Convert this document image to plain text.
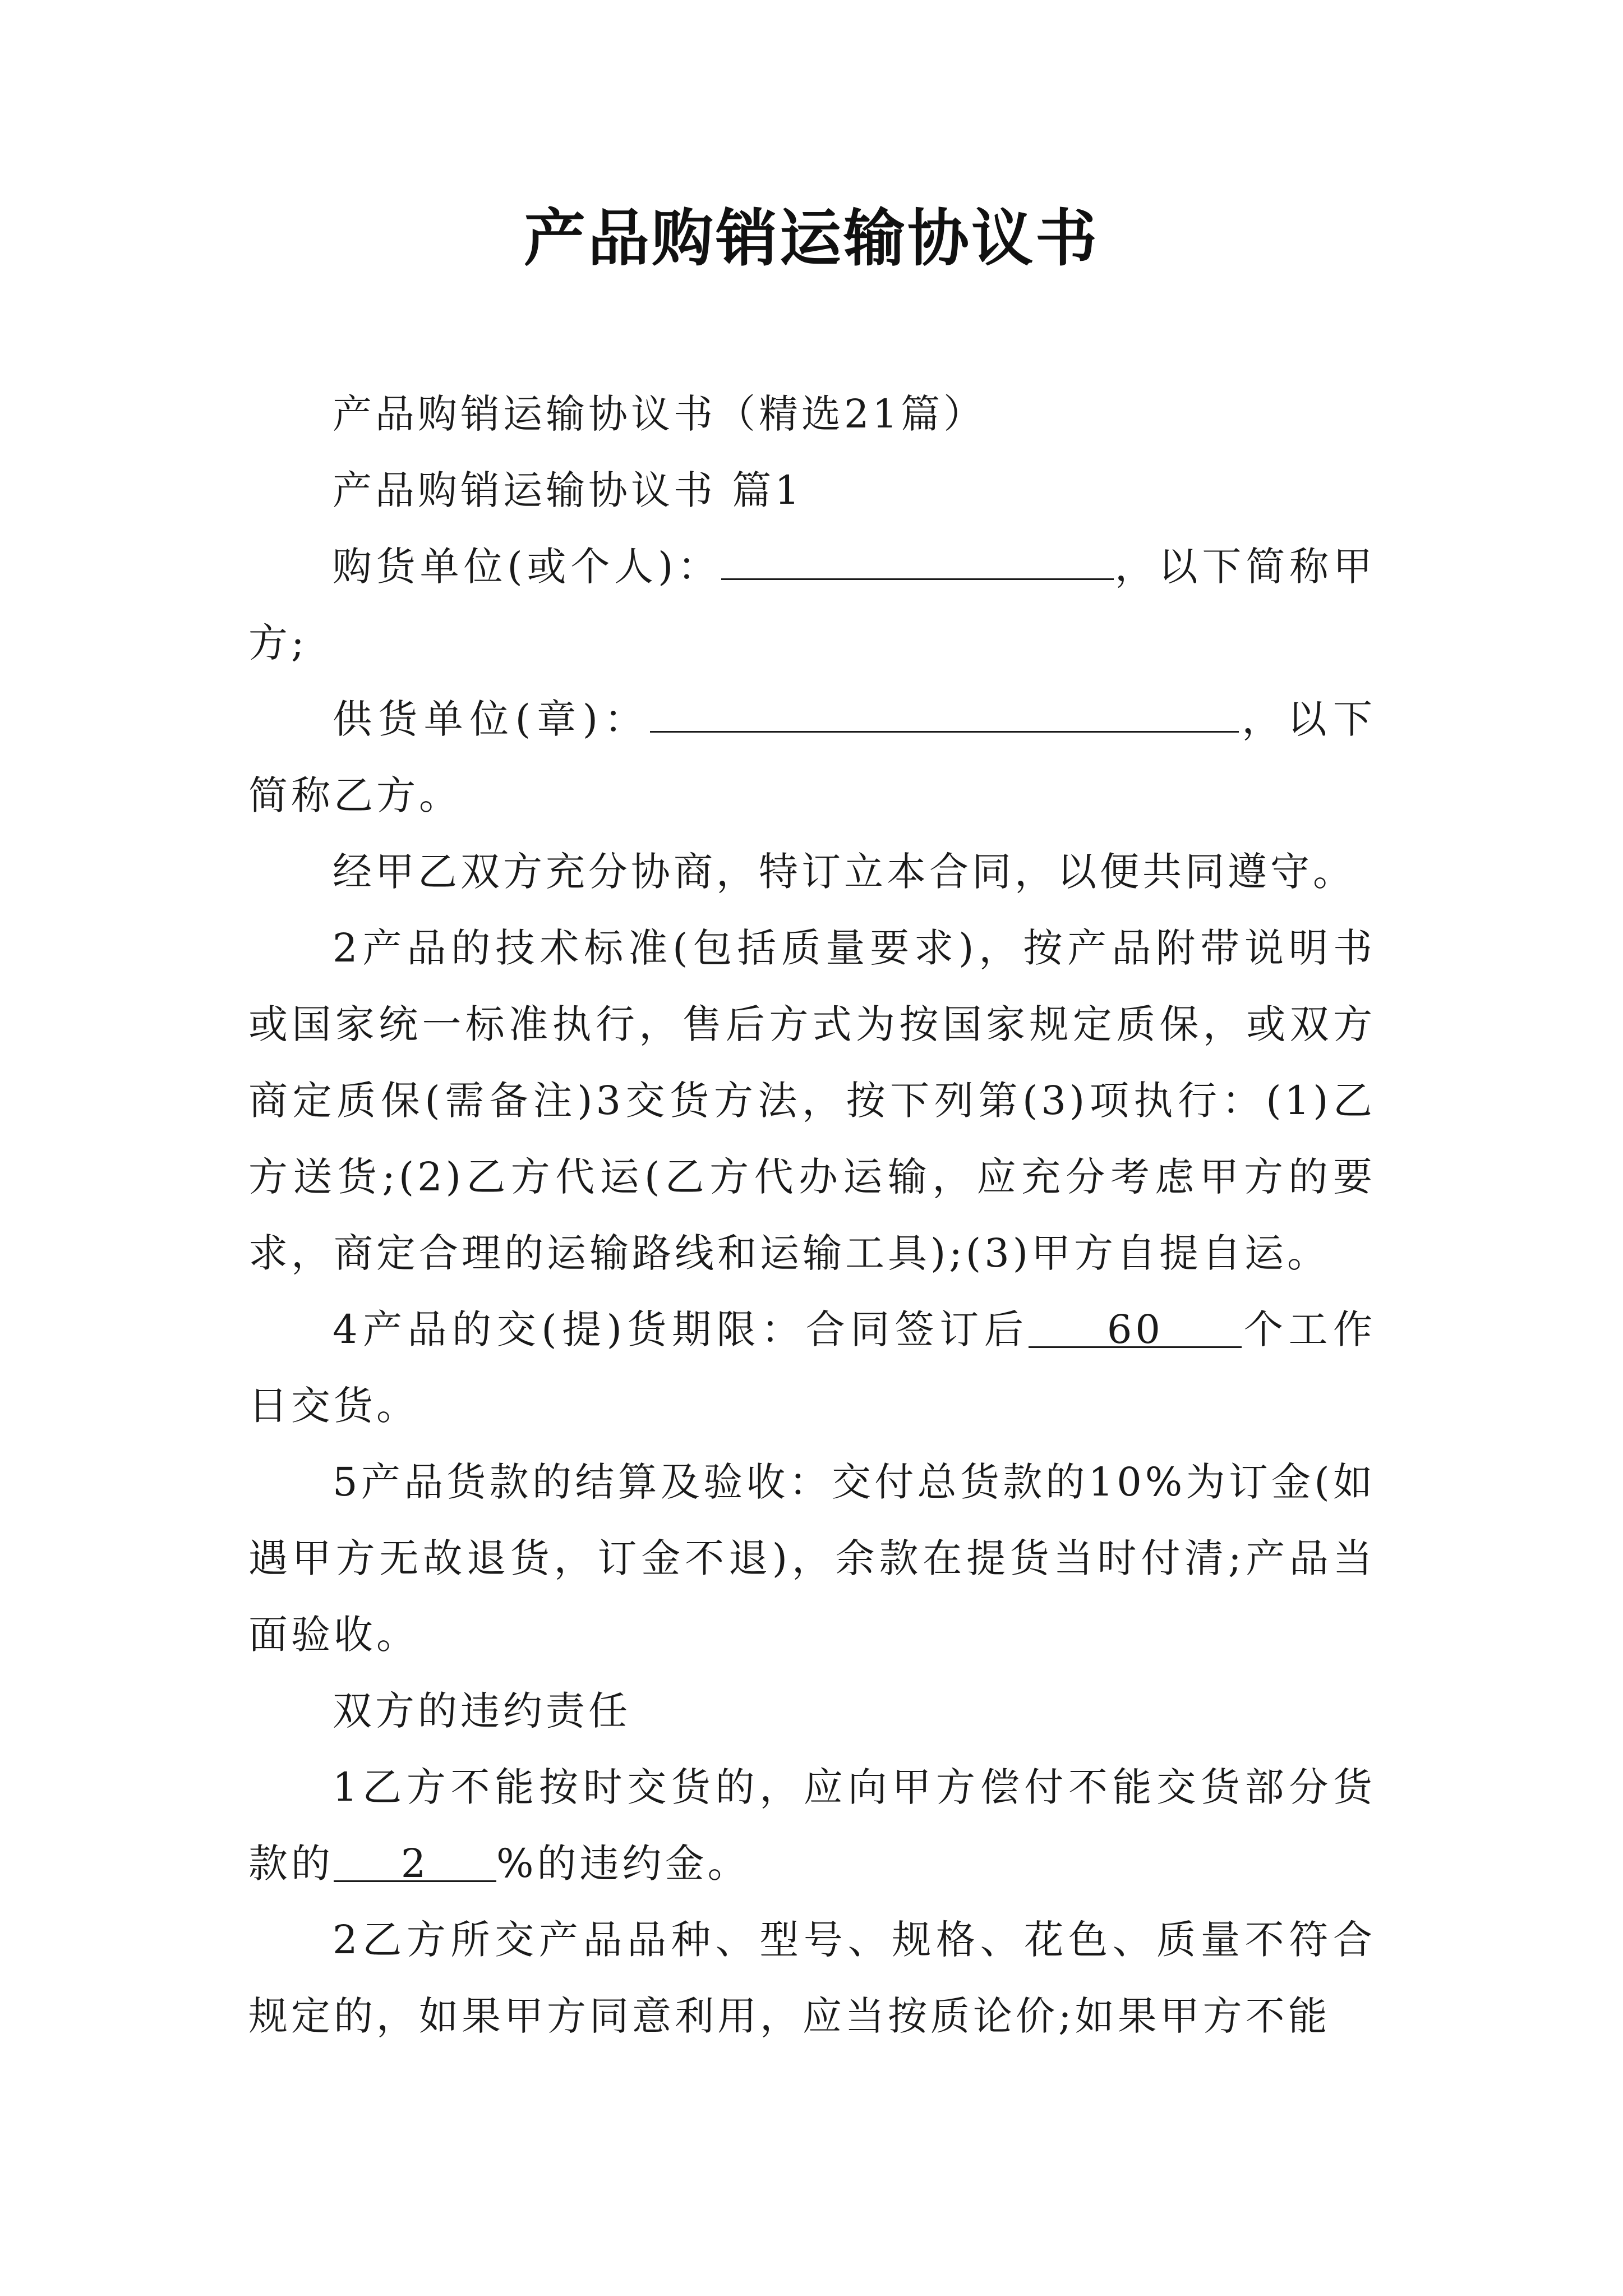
产品购销运输协议书

产品购销运输协议书（精选21篇）

产品购销运输协议书 篇1

购货单位(或个人)：	，以下简称甲方;

供货单位(章)：	，以下简称乙方。

经甲乙双方充分协商，特订立本合同，以便共同遵守。

2产品的技术标准(包括质量要求)，按产品附带说明书或国家统一标准执行，售后方式为按国家规定质保，或双方商定质保(需备注)3交货方法，按下列第(3)项执行：(1)乙方送货;(2)乙方代运(乙方代办运输，应充分考虑甲方的要求，商定合理的运输路线和运输工具);(3)甲方自提自运。

4产品的交(提)货期限：合同签订后 60 个工作日交货。

5产品货款的结算及验收：交付总货款的10%为订金(如遇甲方无故退货，订金不退)，余款在提货当时付清;产品当面验收。

双方的违约责任

1乙方不能按时交货的，应向甲方偿付不能交货部分货款的 2 %的违约金。

2乙方所交产品品种、型号、规格、花色、质量不符合规定的，如果甲方同意利用，应当按质论价;如果甲方不能
